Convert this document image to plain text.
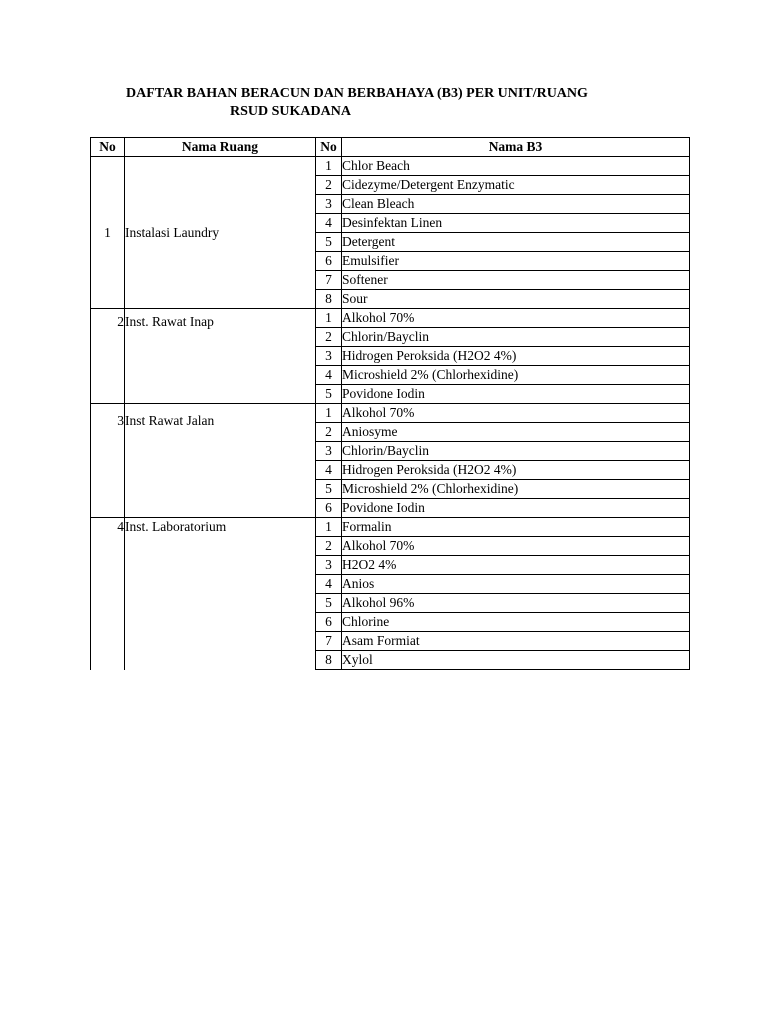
DAFTAR BAHAN BERACUN DAN BERBAHAYA (B3) PER UNIT/RUANG
RSUD SUKADANA
No	Nama Ruang	No	Nama B3
1	Instalasi Laundry	1	Chlor Beach
		2	Cidezyme/Detergent Enzymatic
		3	Clean Bleach
		4	Desinfektan Linen
		5	Detergent
		6	Emulsifier
		7	Softener
		8	Sour
2	Inst. Rawat Inap	1	Alkohol 70%
		2	Chlorin/Bayclin
		3	Hidrogen Peroksida (H2O2 4%)
		4	Microshield 2% (Chlorhexidine)
		5	Povidone Iodin
3	Inst Rawat Jalan	1	Alkohol 70%
		2	Aniosyme
		3	Chlorin/Bayclin
		4	Hidrogen Peroksida (H2O2 4%)
		5	Microshield 2% (Chlorhexidine)
		6	Povidone Iodin
4	Inst. Laboratorium	1	Formalin
		2	Alkohol 70%
		3	H2O2 4%
		4	Anios
		5	Alkohol 96%
		6	Chlorine
		7	Asam Formiat
		8	Xylol
